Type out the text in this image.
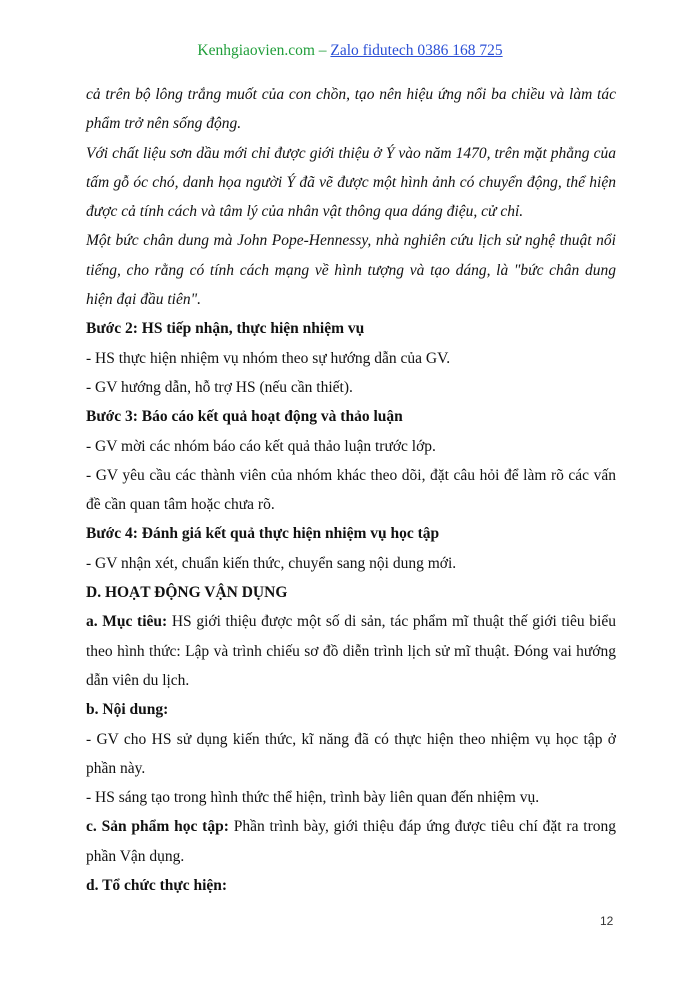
Kenhgiaovien.com – Zalo fidutech 0386 168 725

cả trên bộ lông trắng muốt của con chồn, tạo nên hiệu ứng nổi ba chiều và làm tác phẩm trở nên sống động.

Với chất liệu sơn dầu mới chỉ được giới thiệu ở Ý vào năm 1470, trên mặt phẳng của tấm gỗ óc chó, danh họa người Ý đã vẽ được một hình ảnh có chuyển động, thể hiện được cả tính cách và tâm lý của nhân vật thông qua dáng điệu, cử chỉ.

Một bức chân dung mà John Pope-Hennessy, nhà nghiên cứu lịch sử nghệ thuật nổi tiếng, cho rằng có tính cách mạng về hình tượng và tạo dáng, là "bức chân dung hiện đại đầu tiên".

Bước 2: HS tiếp nhận, thực hiện nhiệm vụ

- HS thực hiện nhiệm vụ nhóm theo sự hướng dẫn của GV.

- GV hướng dẫn, hỗ trợ HS (nếu cần thiết).

Bước 3: Báo cáo kết quả hoạt động và thảo luận

- GV mời các nhóm báo cáo kết quả thảo luận trước lớp.

- GV yêu cầu các thành viên của nhóm khác theo dõi, đặt câu hỏi để làm rõ các vấn đề cần quan tâm hoặc chưa rõ.

Bước 4: Đánh giá kết quả thực hiện nhiệm vụ học tập

- GV nhận xét, chuẩn kiến thức, chuyển sang nội dung mới.

D. HOẠT ĐỘNG VẬN DỤNG

a. Mục tiêu: HS giới thiệu được một số di sản, tác phẩm mĩ thuật thế giới tiêu biểu theo hình thức: Lập và trình chiếu sơ đồ diễn trình lịch sử mĩ thuật. Đóng vai hướng dẫn viên du lịch.

b. Nội dung:

- GV cho HS sử dụng kiến thức, kĩ năng đã có thực hiện theo nhiệm vụ học tập ở phần này.

- HS sáng tạo trong hình thức thể hiện, trình bày liên quan đến nhiệm vụ.

c. Sản phẩm học tập: Phần trình bày, giới thiệu đáp ứng được tiêu chí đặt ra trong phần Vận dụng.

d. Tổ chức thực hiện:

12
